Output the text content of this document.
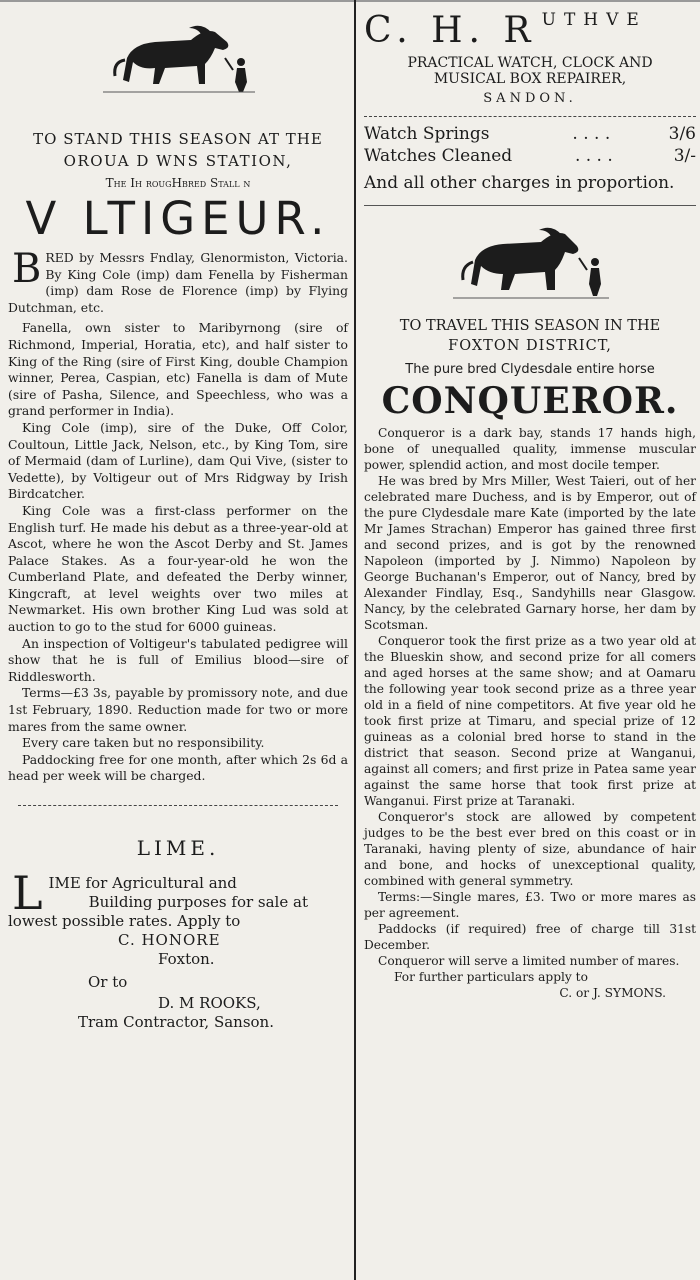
TO STAND THIS SEASON AT THE
OROUA D WNS STATION,
The Ih rougHbred Stall n
V LTIGEUR.
B RED by Messrs Fndlay, Glenormiston, Victoria. By King Cole (imp) dam Fenella by Fisherman (imp) dam Rose de Florence (imp) by Flying Dutchman, etc.

Fanella, own sister to Maribyrnong (sire of Richmond, Imperial, Horatia, etc), and half sister to King of the Ring (sire of First King, double Champion winner, Perea, Caspian, etc) Fanella is dam of Mute (sire of Pasha, Silence, and Speechless, who was a grand performer in India).

King Cole (imp), sire of the Duke, Off Color, Coultoun, Little Jack, Nelson, etc., by King Tom, sire of Mermaid (dam of Lurline), dam Qui Vive, (sister to Vedette), by Voltigeur out of Mrs Ridgway by Irish Birdcatcher.

King Cole was a first-class performer on the English turf. He made his debut as a three-year-old at Ascot, where he won the Ascot Derby and St. James Palace Stakes. As a four-year-old he won the Cumberland Plate, and defeated the Derby winner, Kingcraft, at level weights over two miles at Newmarket. His own brother King Lud was sold at auction to go to the stud for 6000 guineas.

An inspection of Voltigeur's tabulated pedigree will show that he is full of Emilius blood—sire of Riddlesworth.

Terms—£3 3s, payable by promissory note, and due 1st February, 1890. Reduction made for two or more mares from the same owner.

Every care taken but no responsibility.

Paddocking free for one month, after which 2s 6d a head per week will be charged.

LIME.
L IME for Agricultural and
Building purposes for sale at
lowest possible rates. Apply to
C. HONORE
Foxton.
Or to
D. M ROOKS,
Tram Contractor, Sanson.
C. H. R UTHVE
PRACTICAL WATCH, CLOCK AND
MUSICAL BOX REPAIRER,
SANDON.
Watch Springs	. . . .	3/6
Watches Cleaned	. . . .	3/-
And all other charges in proportion.
TO TRAVEL THIS SEASON IN THE
FOXTON DISTRICT,
The pure bred Clydesdale entire horse
CONQUEROR.

Conqueror is a dark bay, stands 17 hands high, bone of unequalled quality, immense muscular power, splendid action, and most docile temper.

He was bred by Mrs Miller, West Taieri, out of her celebrated mare Duchess, and is by Emperor, out of the pure Clydesdale mare Kate (imported by the late Mr James Strachan) Emperor has gained three first and second prizes, and is got by the renowned Napoleon (imported by J. Nimmo) Napoleon by George Buchanan's Emperor, out of Nancy, bred by Alexander Findlay, Esq., Sandyhills near Glasgow. Nancy, by the celebrated Garnary horse, her dam by Scotsman.

Conqueror took the first prize as a two year old at the Blueskin show, and second prize for all comers and aged horses at the same show; and at Oamaru the following year took second prize as a three year old in a field of nine competitors. At five year old he took first prize at Timaru, and special prize of 12 guineas as a colonial bred horse to stand in the district that season. Second prize at Wanganui, against all comers; and first prize in Patea same year against the same horse that took first prize at Wanganui. First prize at Taranaki.

Conqueror's stock are allowed by competent judges to be the best ever bred on this coast or in Taranaki, having plenty of size, abundance of hair and bone, and hocks of unexceptional quality, combined with general symmetry.

Terms:—Single mares, £3. Two or more mares as per agreement.

Paddocks (if required) free of charge till 31st December.

Conqueror will serve a limited number of mares.

For further particulars apply to

C. or J. SYMONS.
